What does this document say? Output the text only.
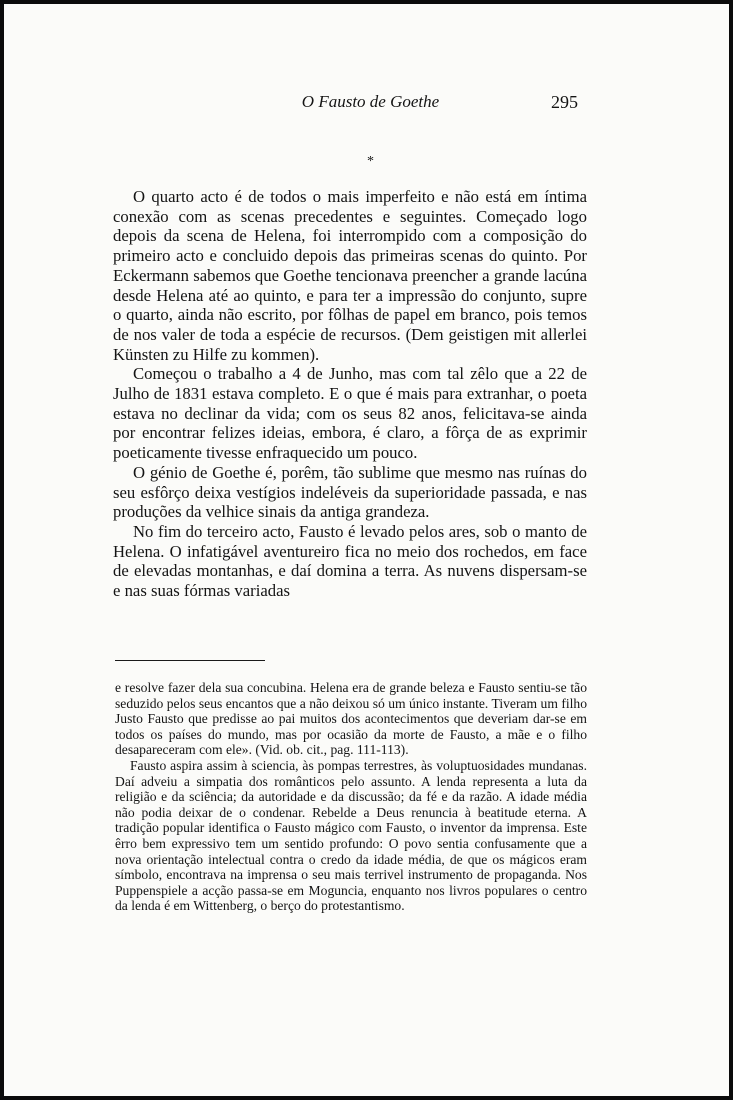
O Fausto de Goethe	295
*

O quarto acto é de todos o mais imperfeito e não está em íntima conexão com as scenas precedentes e seguintes. Começado logo depois da scena de Helena, foi interrompido com a composição do primeiro acto e concluido depois das primeiras scenas do quinto. Por Eckermann sabemos que Goethe tencionava preencher a grande lacúna desde Helena até ao quinto, e para ter a impressão do conjunto, supre o quarto, ainda não escrito, por fôlhas de papel em branco, pois temos de nos valer de toda a espécie de recursos. (Dem geistigen mit allerlei Künsten zu Hilfe zu kommen).

Começou o trabalho a 4 de Junho, mas com tal zêlo que a 22 de Julho de 1831 estava completo. E o que é mais para extranhar, o poeta estava no declinar da vida; com os seus 82 anos, felicitava-se ainda por encontrar felizes ideias, embora, é claro, a fôrça de as exprimir poeticamente tivesse enfraquecido um pouco.

O génio de Goethe é, porêm, tão sublime que mesmo nas ruínas do seu esfôrço deixa vestígios indeléveis da superioridade passada, e nas produções da velhice sinais da antiga grandeza.

No fim do terceiro acto, Fausto é levado pelos ares, sob o manto de Helena. O infatigável aventureiro fica no meio dos rochedos, em face de elevadas montanhas, e daí domina a terra. As nuvens dispersam-se e nas suas fórmas variadas

e resolve fazer dela sua concubina. Helena era de grande beleza e Fausto sentiu-se tão seduzido pelos seus encantos que a não deixou só um único instante. Tiveram um filho Justo Fausto que predisse ao pai muitos dos acontecimentos que deveriam dar-se em todos os países do mundo, mas por ocasião da morte de Fausto, a mãe e o filho desapareceram com ele». (Vid. ob. cit., pag. 111-113).

Fausto aspira assim à sciencia, às pompas terrestres, às voluptuosidades mundanas. Daí adveiu a simpatia dos românticos pelo assunto. A lenda representa a luta da religião e da sciência; da autoridade e da discussão; da fé e da razão. A idade média não podia deixar de o condenar. Rebelde a Deus renuncia à beatitude eterna. A tradição popular identifica o Fausto mágico com Fausto, o inventor da imprensa. Este êrro bem expressivo tem um sentido profundo: O povo sentia confusamente que a nova orientação intelectual contra o credo da idade média, de que os mágicos eram símbolo, encontrava na imprensa o seu mais terrivel instrumento de propaganda. Nos Puppenspiele a acção passa-se em Moguncia, enquanto nos livros populares o centro da lenda é em Wittenberg, o berço do protestantismo.
